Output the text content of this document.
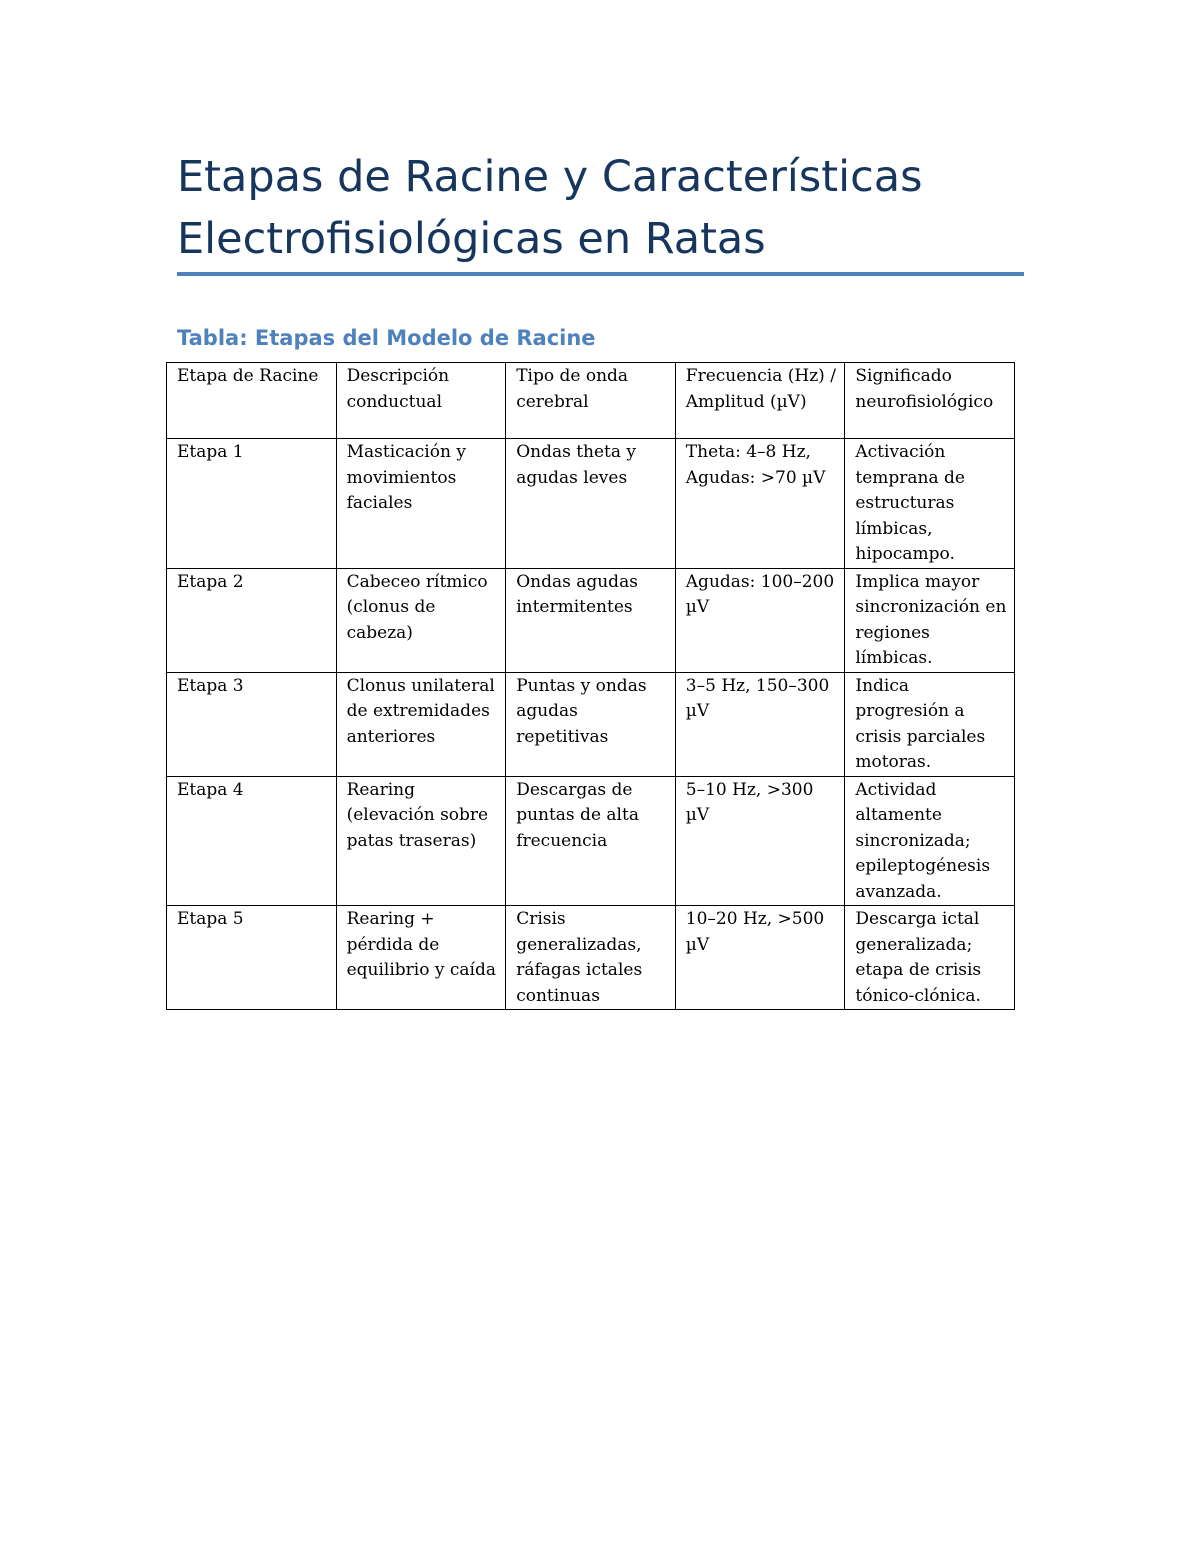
Etapas de Racine y Características Electrofisiológicas en Ratas
Tabla: Etapas del Modelo de Racine
Etapa de Racine	Descripción conductual	Tipo de onda cerebral	Frecuencia (Hz) / Amplitud (µV)	Significado neurofisiológico
Etapa 1	Masticación y movimientos faciales	Ondas theta y agudas leves	Theta: 4–8 Hz, Agudas: >70 µV	Activación temprana de estructuras límbicas, hipocampo.
Etapa 2	Cabeceo rítmico (clonus de cabeza)	Ondas agudas intermitentes	Agudas: 100–200 µV	Implica mayor sincronización en regiones límbicas.
Etapa 3	Clonus unilateral de extremidades anteriores	Puntas y ondas agudas repetitivas	3–5 Hz, 150–300 µV	Indica progresión a crisis parciales motoras.
Etapa 4	Rearing (elevación sobre patas traseras)	Descargas de puntas de alta frecuencia	5–10 Hz, >300 µV	Actividad altamente sincronizada; epileptogénesis avanzada.
Etapa 5	Rearing + pérdida de equilibrio y caída	Crisis generalizadas, ráfagas ictales continuas	10–20 Hz, >500 µV	Descarga ictal generalizada; etapa de crisis tónico-clónica.
